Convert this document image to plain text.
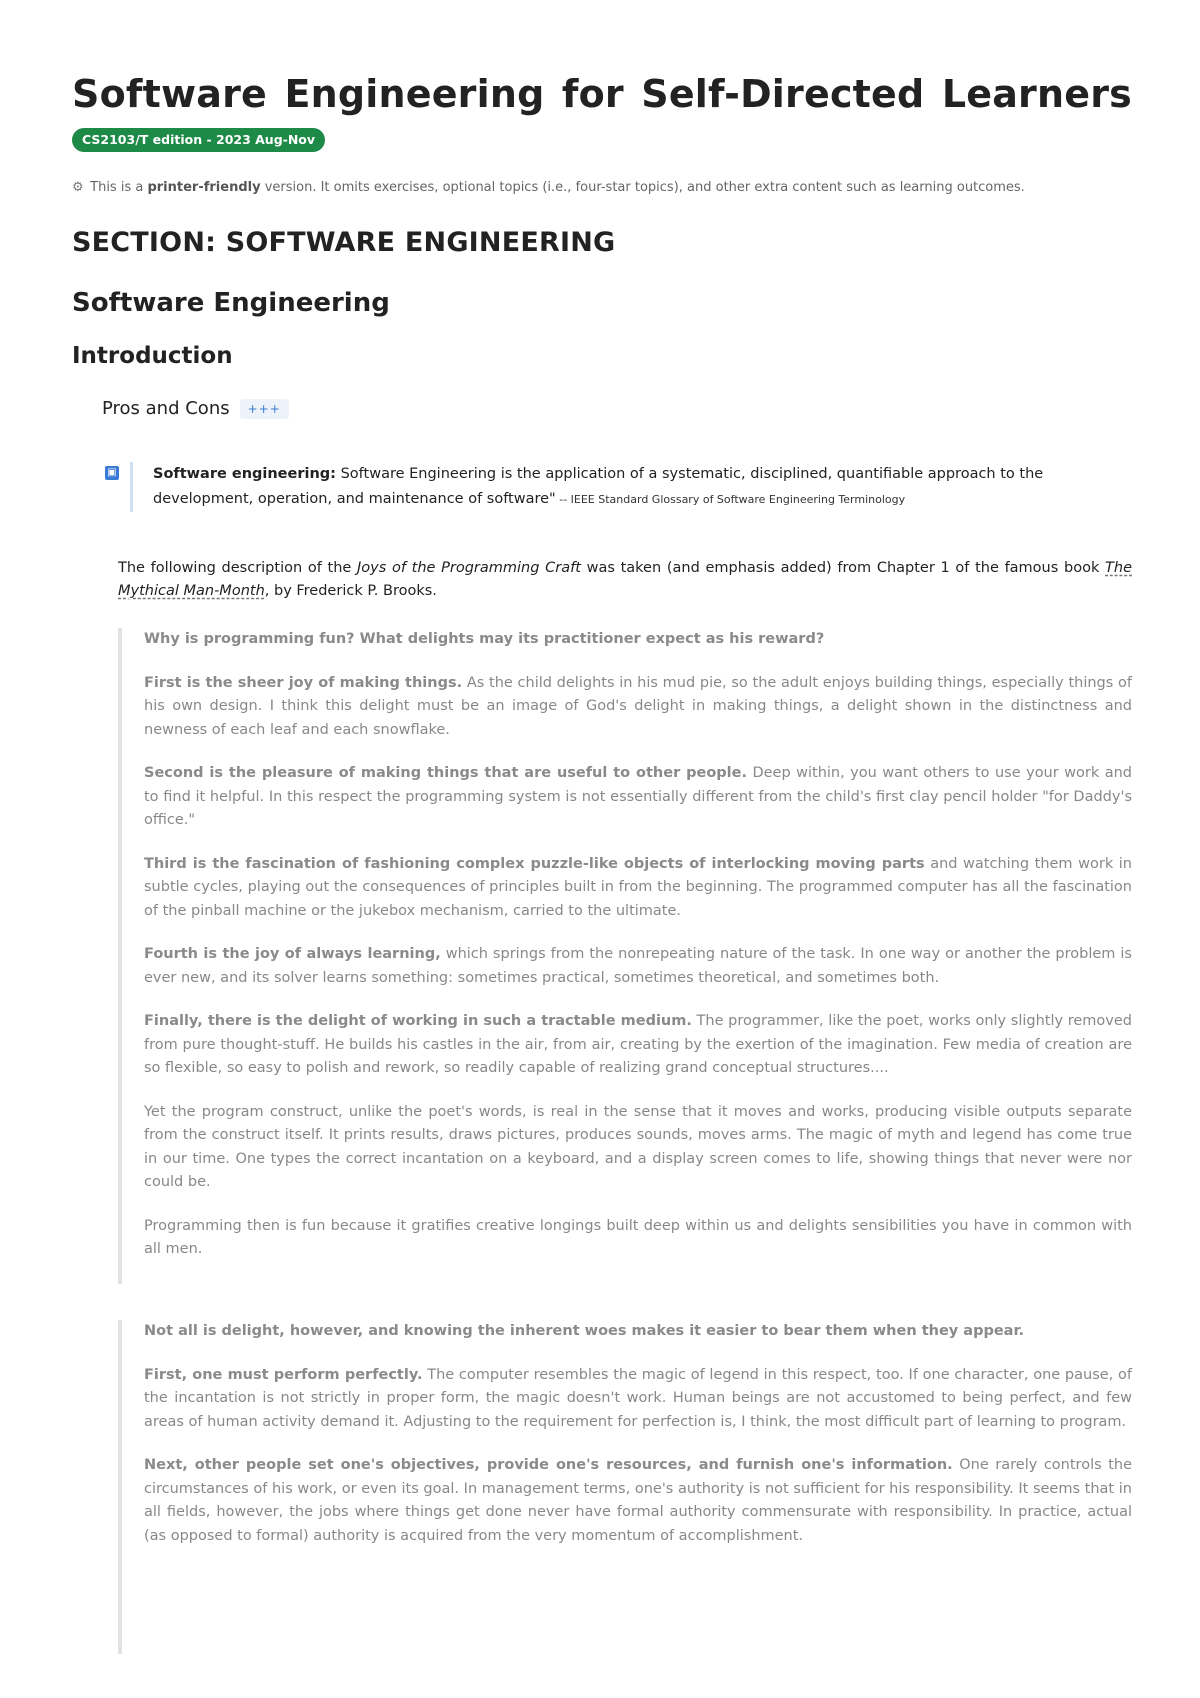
Software Engineering for Self-Directed Learners
CS2103/T edition - 2023 Aug-Nov
⚙ This is a printer-friendly version. It omits exercises, optional topics (i.e., four-star topics), and other extra content such as learning outcomes.
SECTION: SOFTWARE ENGINEERING
Software Engineering
Introduction
Pros and Cons	+++
▣	Software engineering: Software Engineering is the application of a systematic, disciplined, quantifiable approach to the development, operation, and maintenance of software" -- IEEE Standard Glossary of Software Engineering Terminology

The following description of the Joys of the Programming Craft was taken (and emphasis added) from Chapter 1 of the famous book The Mythical Man-Month, by Frederick P. Brooks.

Why is programming fun? What delights may its practitioner expect as his reward?

First is the sheer joy of making things. As the child delights in his mud pie, so the adult enjoys building things, especially things of his own design. I think this delight must be an image of God's delight in making things, a delight shown in the distinctness and newness of each leaf and each snowflake.

Second is the pleasure of making things that are useful to other people. Deep within, you want others to use your work and to find it helpful. In this respect the programming system is not essentially different from the child's first clay pencil holder "for Daddy's office."

Third is the fascination of fashioning complex puzzle-like objects of interlocking moving parts and watching them work in subtle cycles, playing out the consequences of principles built in from the beginning. The programmed computer has all the fascination of the pinball machine or the jukebox mechanism, carried to the ultimate.

Fourth is the joy of always learning, which springs from the nonrepeating nature of the task. In one way or another the problem is ever new, and its solver learns something: sometimes practical, sometimes theoretical, and sometimes both.

Finally, there is the delight of working in such a tractable medium. The programmer, like the poet, works only slightly removed from pure thought-stuff. He builds his castles in the air, from air, creating by the exertion of the imagination. Few media of creation are so flexible, so easy to polish and rework, so readily capable of realizing grand conceptual structures....

Yet the program construct, unlike the poet's words, is real in the sense that it moves and works, producing visible outputs separate from the construct itself. It prints results, draws pictures, produces sounds, moves arms. The magic of myth and legend has come true in our time. One types the correct incantation on a keyboard, and a display screen comes to life, showing things that never were nor could be.

Programming then is fun because it gratifies creative longings built deep within us and delights sensibilities you have in common with all men.

Not all is delight, however, and knowing the inherent woes makes it easier to bear them when they appear.

First, one must perform perfectly. The computer resembles the magic of legend in this respect, too. If one character, one pause, of the incantation is not strictly in proper form, the magic doesn't work. Human beings are not accustomed to being perfect, and few areas of human activity demand it. Adjusting to the requirement for perfection is, I think, the most difficult part of learning to program.

Next, other people set one's objectives, provide one's resources, and furnish one's information. One rarely controls the circumstances of his work, or even its goal. In management terms, one's authority is not sufficient for his responsibility. It seems that in all fields, however, the jobs where things get done never have formal authority commensurate with responsibility. In practice, actual (as opposed to formal) authority is acquired from the very momentum of accomplishment.
